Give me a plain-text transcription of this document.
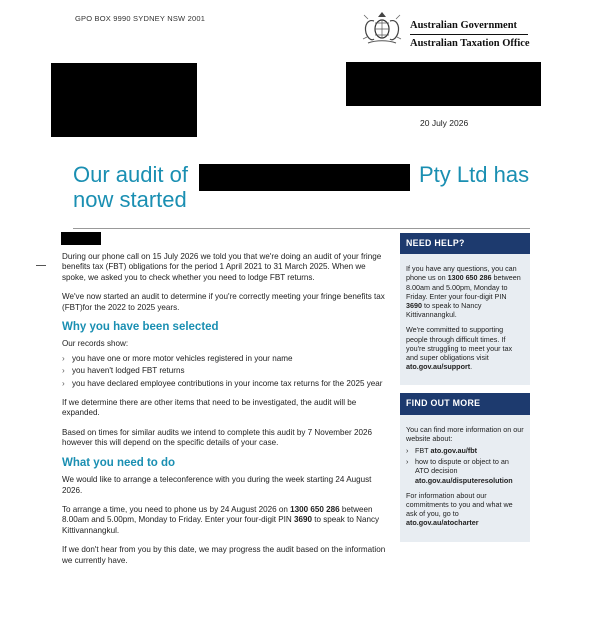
GPO BOX 9990 SYDNEY NSW 2001
Australian Government
Australian Taxation Office
20 July 2026
Our audit of	Pty Ltd has
now started

During our phone call on 15 July 2026 we told you that we're doing an audit of your fringe benefits tax (FBT) obligations for the period 1 April 2021 to 31 March 2025. When we spoke, we asked you to check whether you need to lodge FBT returns.

We've now started an audit to determine if you're correctly meeting your fringe benefits tax (FBT)for the 2022 to 2025 years.

Why you have been selected

Our records show:

› you have one or more motor vehicles registered in your name
› you haven't lodged FBT returns
› you have declared employee contributions in your income tax returns for the 2025 year

If we determine there are other items that need to be investigated, the audit will be expanded.

Based on times for similar audits we intend to complete this audit by 7 November 2026 however this will depend on the specific details of your case.

What you need to do

We would like to arrange a teleconference with you during the week starting 24 August 2026.

To arrange a time, you need to phone us by 24 August 2026 on 1300 650 286 between 8.00am and 5.00pm, Monday to Friday. Enter your four-digit PIN 3690 to speak to Nancy Kittivannangkul.

If we don't hear from you by this date, we may progress the audit based on the information we currently have.

NEED HELP?

If you have any questions, you can phone us on 1300 650 286 between 8.00am and 5.00pm, Monday to Friday. Enter your four-digit PIN 3690 to speak to Nancy Kittivannangkul.

We're committed to supporting people through difficult times. If you're struggling to meet your tax and super obligations visit ato.gov.au/support.

FIND OUT MORE

You can find more information on our website about:

› FBT ato.gov.au/fbt
› how to dispute or object to an ATO decision ato.gov.au/disputeresolution

For information about our commitments to you and what we ask of you, go to ato.gov.au/atocharter
